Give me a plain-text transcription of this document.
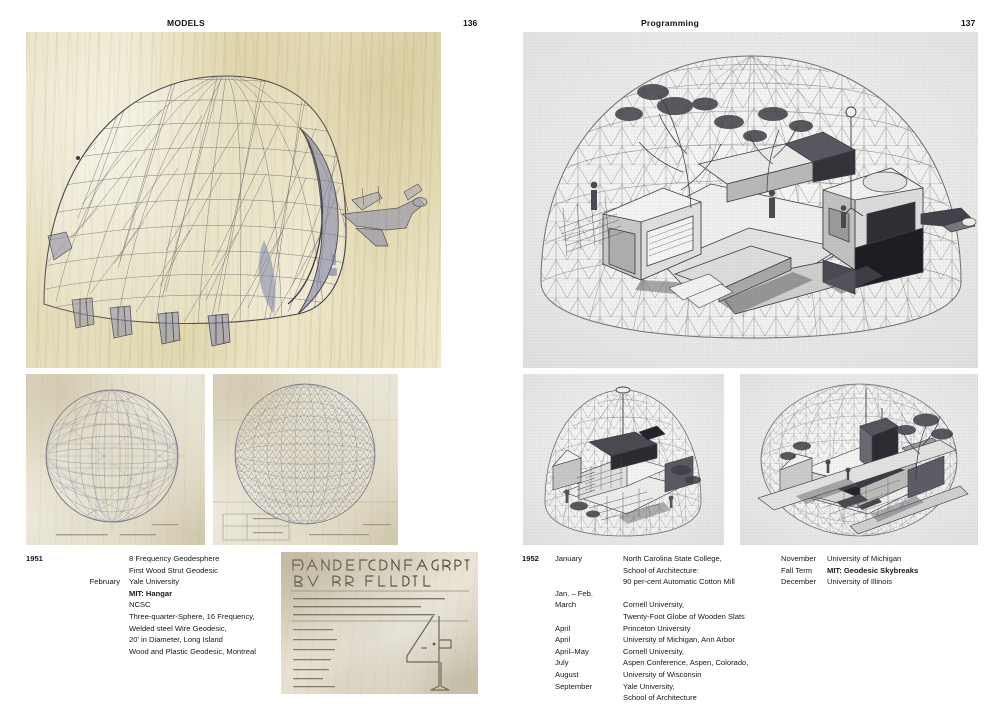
MODELS	136	Programming	137
1951	8 Frequency Geodesphere
First Wood Strut Geodesic
February	Yale University
MIT: Hangar
NCSC
Three-quarter-Sphere, 16 Frequency,
Welded steel Wire Geodesic,
20' in Diameter, Long Island
Wood and Plastic Geodesic, Montreal
1952	January	North Carolina State College,
School of Architecture:
90 per-cent Automatic Cotton Mill
Jan. – Feb.
March	Cornell University,
Twenty-Foot Globe of Wooden Slats
April	Princeton University
April	University of Michigan, Ann Arbor
April–May	Cornell University,
July	Aspen Conference, Aspen, Colorado,
August	University of Wisconsin
September	Yale University,
School of Architecture
November	University of Michigan
Fall Term	MIT: Geodesic Skybreaks
December	University of Illinois
